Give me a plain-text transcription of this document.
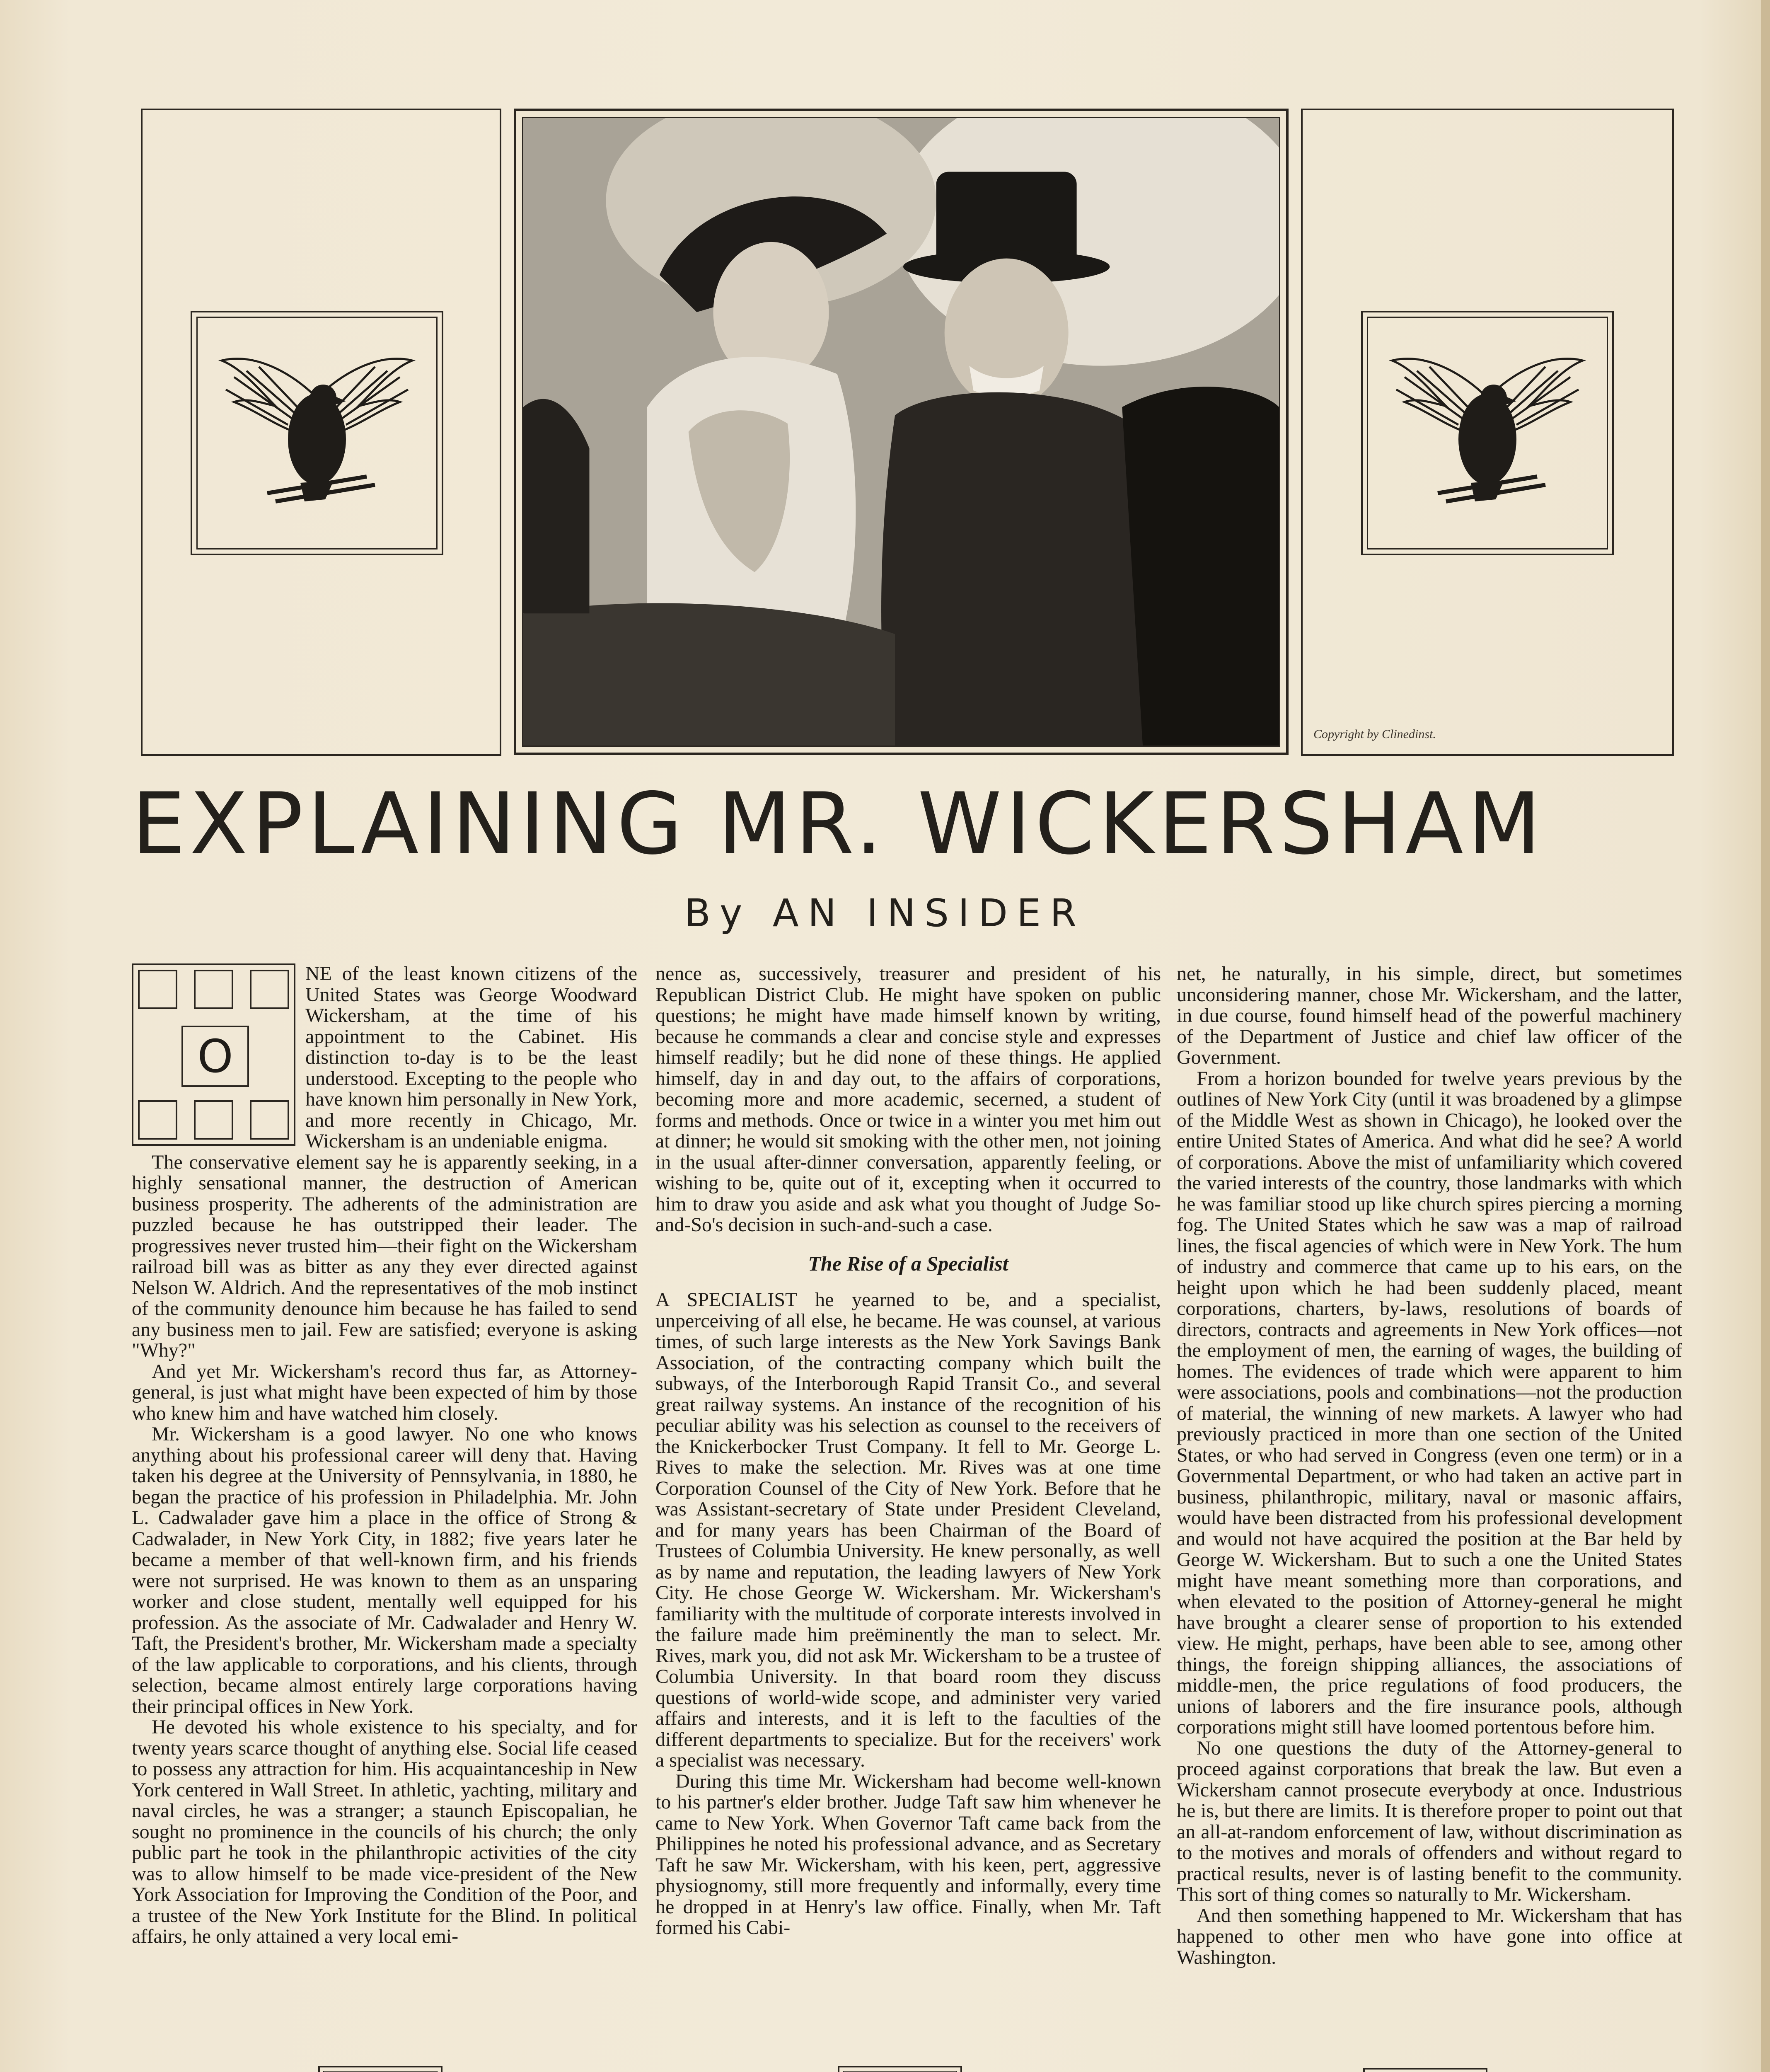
Copyright by Clinedinst.
EXPLAINING MR. WICKERSHAM
By AN INSIDER
O

NE of the least known citizens of the United States was George Woodward Wickersham, at the time of his appointment to the Cabinet. His distinction to-day is to be the least understood. Excepting to the people who have known him personally in New York, and more recently in Chicago, Mr. Wickersham is an undeniable enigma.

The conservative element say he is apparently seeking, in a highly sensational manner, the destruction of American business prosperity. The adherents of the administration are puzzled because he has outstripped their leader. The progressives never trusted him—their fight on the Wickersham railroad bill was as bitter as any they ever directed against Nelson W. Aldrich. And the representatives of the mob instinct of the community denounce him because he has failed to send any business men to jail. Few are satisfied; everyone is asking "Why?"

And yet Mr. Wickersham's record thus far, as Attorney-general, is just what might have been expected of him by those who knew him and have watched him closely.

Mr. Wickersham is a good lawyer. No one who knows anything about his professional career will deny that. Having taken his degree at the University of Pennsylvania, in 1880, he began the practice of his profession in Philadelphia. Mr. John L. Cadwalader gave him a place in the office of Strong & Cadwalader, in New York City, in 1882; five years later he became a member of that well-known firm, and his friends were not surprised. He was known to them as an unsparing worker and close student, mentally well equipped for his profession. As the associate of Mr. Cadwalader and Henry W. Taft, the President's brother, Mr. Wickersham made a specialty of the law applicable to corporations, and his clients, through selection, became almost entirely large corporations having their principal offices in New York.

He devoted his whole existence to his specialty, and for twenty years scarce thought of anything else. Social life ceased to possess any attraction for him. His acquaintanceship in New York centered in Wall Street. In athletic, yachting, military and naval circles, he was a stranger; a staunch Episcopalian, he sought no prominence in the councils of his church; the only public part he took in the philanthropic activities of the city was to allow himself to be made vice-president of the New York Association for Improving the Condition of the Poor, and a trustee of the New York Institute for the Blind. In political affairs, he only attained a very local emi-

nence as, successively, treasurer and president of his Republican District Club. He might have spoken on public questions; he might have made himself known by writing, because he commands a clear and concise style and expresses himself readily; but he did none of these things. He applied himself, day in and day out, to the affairs of corporations, becoming more and more academic, secerned, a student of forms and methods. Once or twice in a winter you met him out at dinner; he would sit smoking with the other men, not joining in the usual after-dinner conversation, apparently feeling, or wishing to be, quite out of it, excepting when it occurred to him to draw you aside and ask what you thought of Judge So-and-So's decision in such-and-such a case.

The Rise of a Specialist

A SPECIALIST he yearned to be, and a specialist, unperceiving of all else, he became. He was counsel, at various times, of such large interests as the New York Savings Bank Association, of the contracting company which built the subways, of the Interborough Rapid Transit Co., and several great railway systems. An instance of the recognition of his peculiar ability was his selection as counsel to the receivers of the Knickerbocker Trust Company. It fell to Mr. George L. Rives to make the selection. Mr. Rives was at one time Corporation Counsel of the City of New York. Before that he was Assistant-secretary of State under President Cleveland, and for many years has been Chairman of the Board of Trustees of Columbia University. He knew personally, as well as by name and reputation, the leading lawyers of New York City. He chose George W. Wickersham. Mr. Wickersham's familiarity with the multitude of corporate interests involved in the failure made him preëminently the man to select. Mr. Rives, mark you, did not ask Mr. Wickersham to be a trustee of Columbia University. In that board room they discuss questions of world-wide scope, and administer very varied affairs and interests, and it is left to the faculties of the different departments to specialize. But for the receivers' work a specialist was necessary.

During this time Mr. Wickersham had become well-known to his partner's elder brother. Judge Taft saw him whenever he came to New York. When Governor Taft came back from the Philippines he noted his professional advance, and as Secretary Taft he saw Mr. Wickersham, with his keen, pert, aggressive physiognomy, still more frequently and informally, every time he dropped in at Henry's law office. Finally, when Mr. Taft formed his Cabi-

net, he naturally, in his simple, direct, but sometimes unconsidering manner, chose Mr. Wickersham, and the latter, in due course, found himself head of the powerful machinery of the Department of Justice and chief law officer of the Government.

From a horizon bounded for twelve years previous by the outlines of New York City (until it was broadened by a glimpse of the Middle West as shown in Chicago), he looked over the entire United States of America. And what did he see? A world of corporations. Above the mist of unfamiliarity which covered the varied interests of the country, those landmarks with which he was familiar stood up like church spires piercing a morning fog. The United States which he saw was a map of railroad lines, the fiscal agencies of which were in New York. The hum of industry and commerce that came up to his ears, on the height upon which he had been suddenly placed, meant corporations, charters, by-laws, resolutions of boards of directors, contracts and agreements in New York offices—not the employment of men, the earning of wages, the building of homes. The evidences of trade which were apparent to him were associations, pools and combinations—not the production of material, the winning of new markets. A lawyer who had previously practiced in more than one section of the United States, or who had served in Congress (even one term) or in a Governmental Department, or who had taken an active part in business, philanthropic, military, naval or masonic affairs, would have been distracted from his professional development and would not have acquired the position at the Bar held by George W. Wickersham. But to such a one the United States might have meant something more than corporations, and when elevated to the position of Attorney-general he might have brought a clearer sense of proportion to his extended view. He might, perhaps, have been able to see, among other things, the foreign shipping alliances, the associations of middle-men, the price regulations of food producers, the unions of laborers and the fire insurance pools, although corporations might still have loomed portentous before him.

No one questions the duty of the Attorney-general to proceed against corporations that break the law. But even a Wickersham cannot prosecute everybody at once. Industrious he is, but there are limits. It is therefore proper to point out that an all-at-random enforcement of law, without discrimination as to the motives and morals of offenders and without regard to practical results, never is of lasting benefit to the community. This sort of thing comes so naturally to Mr. Wickersham.

And then something happened to Mr. Wickersham that has happened to other men who have gone into office at Washington.
